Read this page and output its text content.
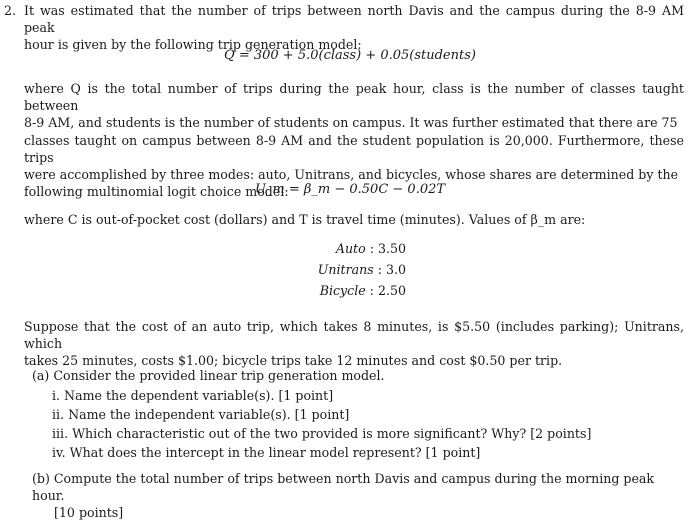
2. It was estimated that the number of trips between north Davis and the campus during the 8-9 AM peak
hour is given by the following trip generation model:
Q = 300 + 5.0(class) + 0.05(students)
where Q is the total number of trips during the peak hour, class is the number of classes taught between
8-9 AM, and students is the number of students on campus. It was further estimated that there are 75
classes taught on campus between 8-9 AM and the student population is 20,000. Furthermore, these trips
were accomplished by three modes: auto, Unitrans, and bicycles, whose shares are determined by the
following multinomial logit choice model:
U_m = β_m − 0.50C − 0.02T
where C is out-of-pocket cost (dollars) and T is travel time (minutes). Values of β_m are:
Auto : 3.50
Unitrans : 3.0
Bicycle : 2.50
Suppose that the cost of an auto trip, which takes 8 minutes, is $5.50 (includes parking); Unitrans, which
takes 25 minutes, costs $1.00; bicycle trips take 12 minutes and cost $0.50 per trip.
(a) Consider the provided linear trip generation model.
i. Name the dependent variable(s). [1 point]
ii. Name the independent variable(s). [1 point]
iii. Which characteristic out of the two provided is more significant? Why? [2 points]
iv. What does the intercept in the linear model represent? [1 point]
(b) Compute the total number of trips between north Davis and campus during the morning peak hour.
[10 points]
